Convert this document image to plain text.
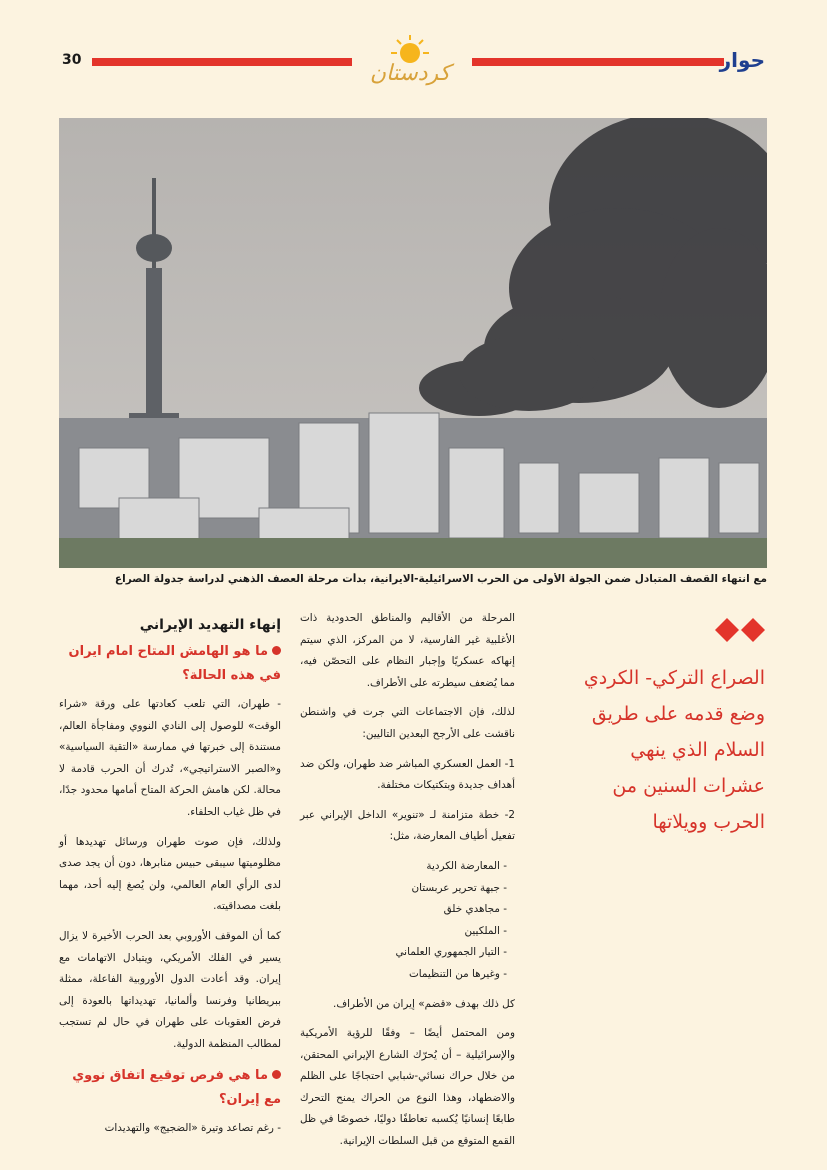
30
كردستان
حوار
مع انتهاء القصف المتبادل ضمن الجولة الأولى من الحرب الاسرائيلية-الايرانية، بدأت مرحلة العصف الذهني لدراسة جدولة الصراع

المرحلة من الأقاليم والمناطق الحدودية ذات الأغلبية غير الفارسية، لا من المركز، الذي سيتم إنهاكه عسكريًا وإجبار النظام على التحصّن فيه، مما يُضعف سيطرته على الأطراف.

لذلك، فإن الاجتماعات التي جرت في واشنطن ناقشت على الأرجح البعدين التاليين:

1- العمل العسكري المباشر ضد طهران، ولكن ضد أهداف جديدة وبتكتيكات مختلفة.

2- خطة متزامنة لـ «تنوير» الداخل الإيراني عبر تفعيل أطياف المعارضة، مثل:

- المعارضة الكردية
- جبهة تحرير عربستان
- مجاهدي خلق
- الملكيين
- التيار الجمهوري العلماني
- وغيرها من التنظيمات

كل ذلك بهدف «قضم» إيران من الأطراف.

ومن المحتمل أيضًا – وفقًا للرؤية الأمريكية والإسرائيلية – أن يُحرّك الشارع الإيراني المحتقن، من خلال حراك نسائي-شبابي احتجاجًا على الظلم والاضطهاد، وهذا النوع من الحراك يمنح التحرك طابعًا إنسانيًا يُكسبه تعاطفًا دوليًا، خصوصًا في ظل القمع المتوقع من قبل السلطات الإيرانية.

إنهاء التهديد الإيراني
ما هو الهامش المتاح امام ايران في هذه الحالة؟

- طهران، التي تلعب كعادتها على ورقة «شراء الوقت» للوصول إلى النادي النووي ومفاجأة العالم، مستندة إلى خبرتها في ممارسة «التقية السياسية» و«الصبر الاستراتيجي»، تُدرك أن الحرب قادمة لا محالة. لكن هامش الحركة المتاح أمامها محدود جدًا، في ظل غياب الحلفاء.

ولذلك، فإن صوت طهران ورسائل تهديدها أو مظلوميتها سيبقى حبيس منابرها، دون أن يجد صدى لدى الرأي العام العالمي، ولن يُصغ إليه أحد، مهما بلغت مصداقيته.

كما أن الموقف الأوروبي بعد الحرب الأخيرة لا يزال يسير في الفلك الأمريكي، ويتبادل الاتهامات مع إيران. وقد أعادت الدول الأوروبية الفاعلة، ممثلة ببريطانيا وفرنسا وألمانيا، تهديداتها بالعودة إلى فرض العقوبات على طهران في حال لم تستجب لمطالب المنظمة الدولية.

ما هي فرص توقيع اتفاق نووي مع إيران؟

- رغم تصاعد وتيرة «الضجيج» والتهديدات

الصراع التركي- الكردي وضع قدمه على طريق السلام الذي ينهي عشرات السنين من الحرب وويلاتها
